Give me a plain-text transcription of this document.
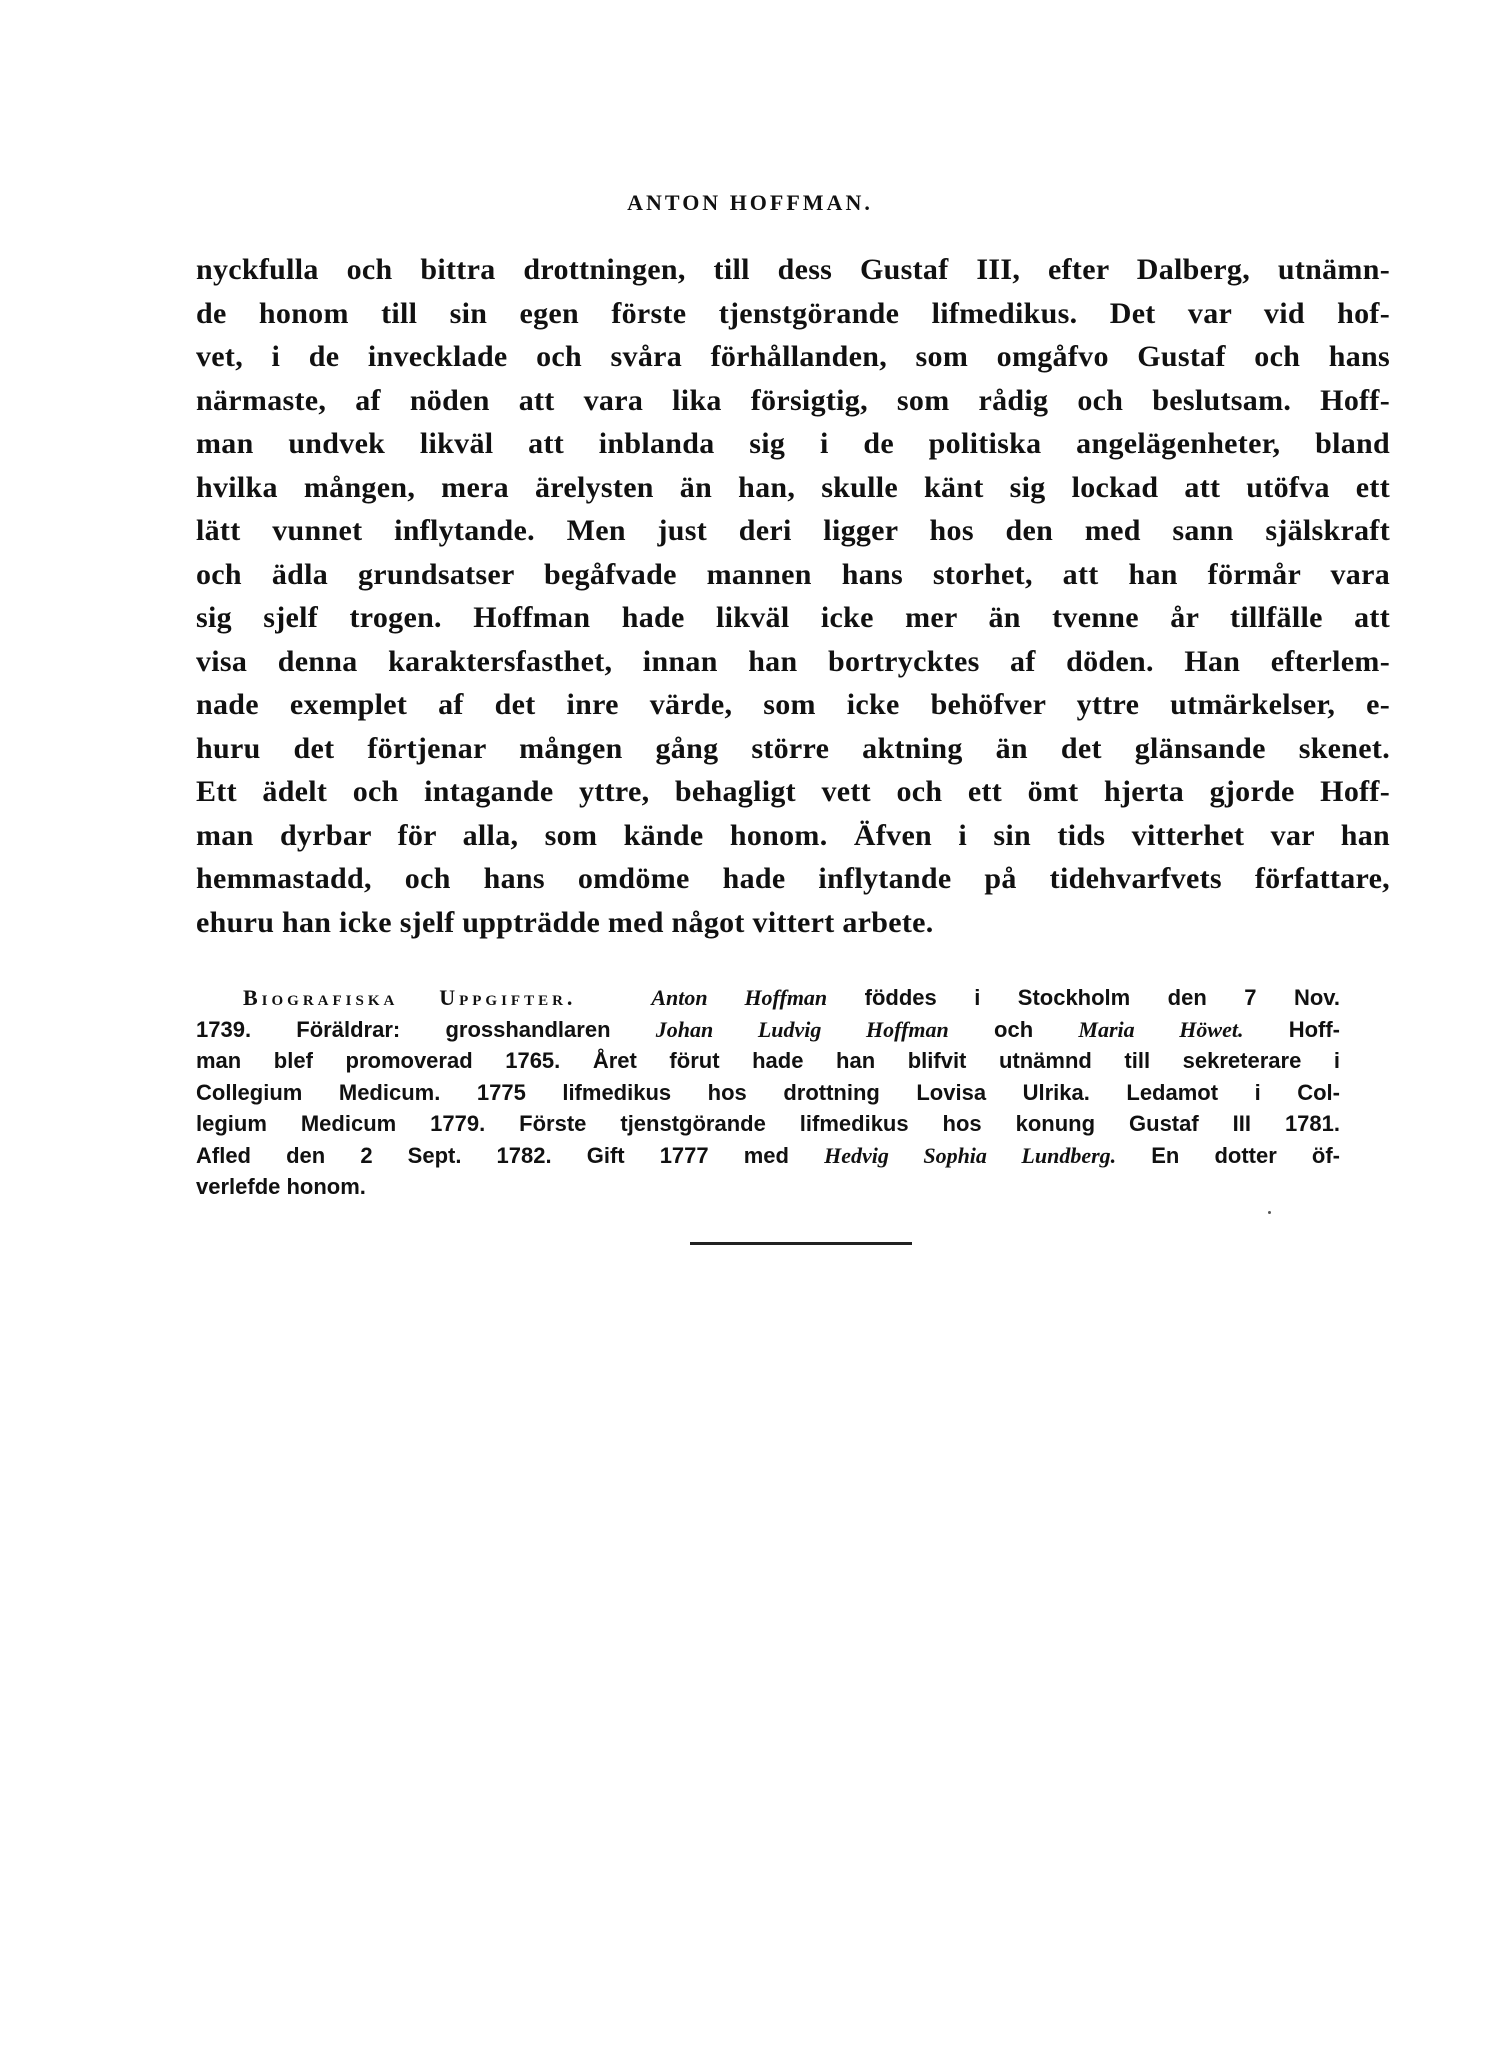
ANTON HOFFMAN.
nyckfulla och bittra drottningen, till dess Gustaf III, efter Dalberg, utnämn-
de honom till sin egen förste tjenstgörande lifmedikus. Det var vid hof-
vet, i de invecklade och svåra förhållanden, som omgåfvo Gustaf och hans
närmaste, af nöden att vara lika försigtig, som rådig och beslutsam. Hoff-
man undvek likväl att inblanda sig i de politiska angelägenheter, bland
hvilka mången, mera ärelysten än han, skulle känt sig lockad att utöfva ett
lätt vunnet inflytande. Men just deri ligger hos den med sann själskraft
och ädla grundsatser begåfvade mannen hans storhet, att han förmår vara
sig sjelf trogen. Hoffman hade likväl icke mer än tvenne år tillfälle att
visa denna karaktersfasthet, innan han bortrycktes af döden. Han efterlem-
nade exemplet af det inre värde, som icke behöfver yttre utmärkelser, e-
huru det förtjenar mången gång större aktning än det glänsande skenet.
Ett ädelt och intagande yttre, behagligt vett och ett ömt hjerta gjorde Hoff-
man dyrbar för alla, som kände honom. Äfven i sin tids vitterhet var han
hemmastadd, och hans omdöme hade inflytande på tidehvarfvets författare,
ehuru han icke sjelf uppträdde med något vittert arbete.
Biografiska Uppgifter.	Anton Hoffman föddes i Stockholm den 7 Nov.
1739. Föräldrar: grosshandlaren Johan Ludvig Hoffman och Maria Höwet. Hoff-
man blef promoverad 1765. Året förut hade han blifvit utnämnd till sekreterare i
Collegium Medicum. 1775 lifmedikus hos drottning Lovisa Ulrika. Ledamot i Col-
legium Medicum 1779. Förste tjenstgörande lifmedikus hos konung Gustaf III 1781.
Afled den 2 Sept. 1782. Gift 1777 med Hedvig Sophia Lundberg. En dotter öf-
verlefde honom.
